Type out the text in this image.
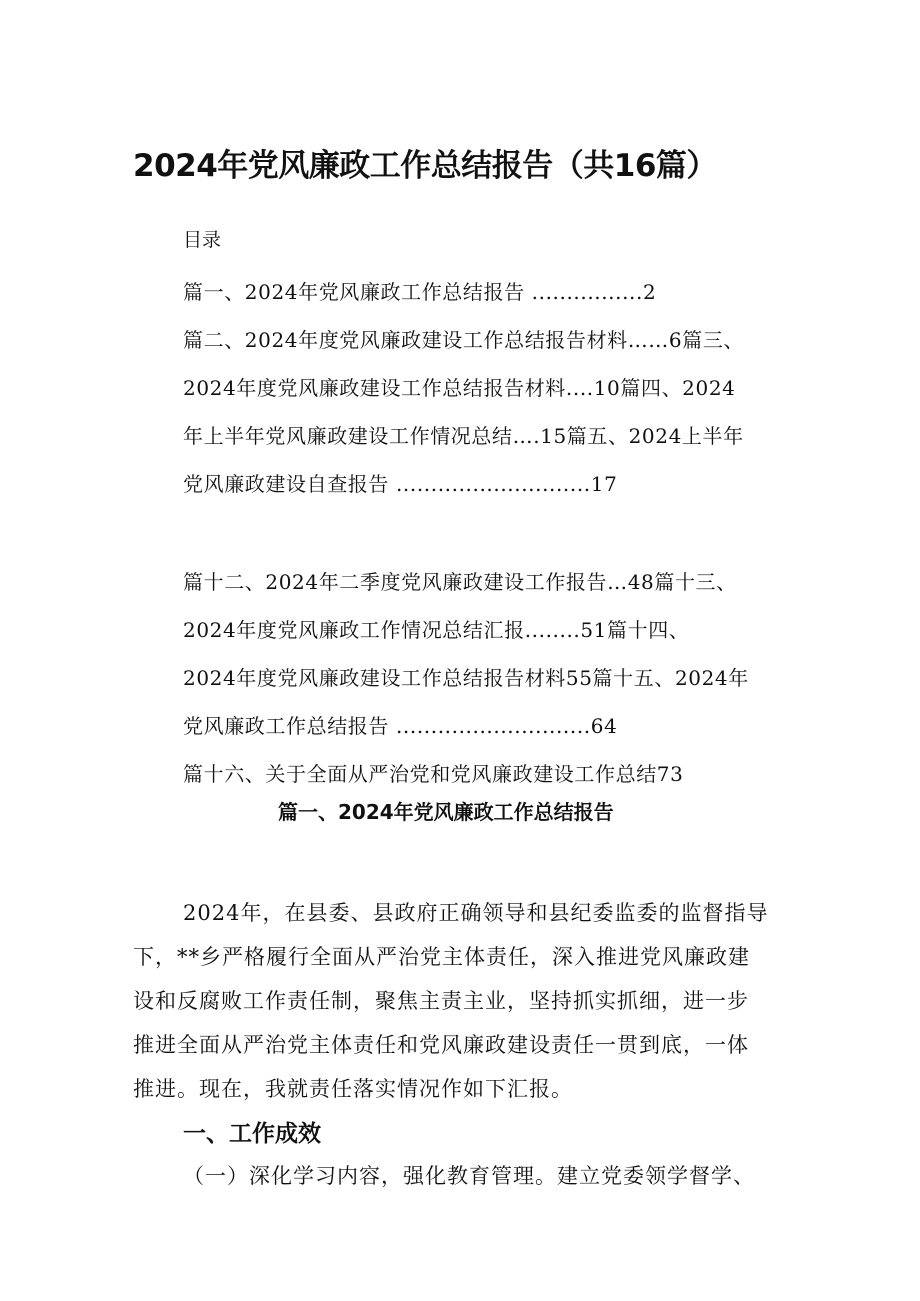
2024年党风廉政工作总结报告（共16篇）
目录
篇一、2024年党风廉政工作总结报告 ................2
篇二、2024年度党风廉政建设工作总结报告材料……6篇三、
2024年度党风廉政建设工作总结报告材料....10篇四、2024
年上半年党风廉政建设工作情况总结….15篇五、2024上半年
党风廉政建设自查报告 ............................17
篇十二、2024年二季度党风廉政建设工作报告…48篇十三、
2024年度党风廉政工作情况总结汇报........51篇十四、
2024年度党风廉政建设工作总结报告材料55篇十五、2024年
党风廉政工作总结报告 ............................64
篇十六、关于全面从严治党和党风廉政建设工作总结73
篇一、2024年党风廉政工作总结报告
2024年，在县委、县政府正确领导和县纪委监委的监督指导
下，**乡严格履行全面从严治党主体责任，深入推进党风廉政建
设和反腐败工作责任制，聚焦主责主业，坚持抓实抓细，进一步
推进全面从严治党主体责任和党风廉政建设责任一贯到底，一体
推进。现在，我就责任落实情况作如下汇报。
一、工作成效
（一）深化学习内容，强化教育管理。建立党委领学督学、
